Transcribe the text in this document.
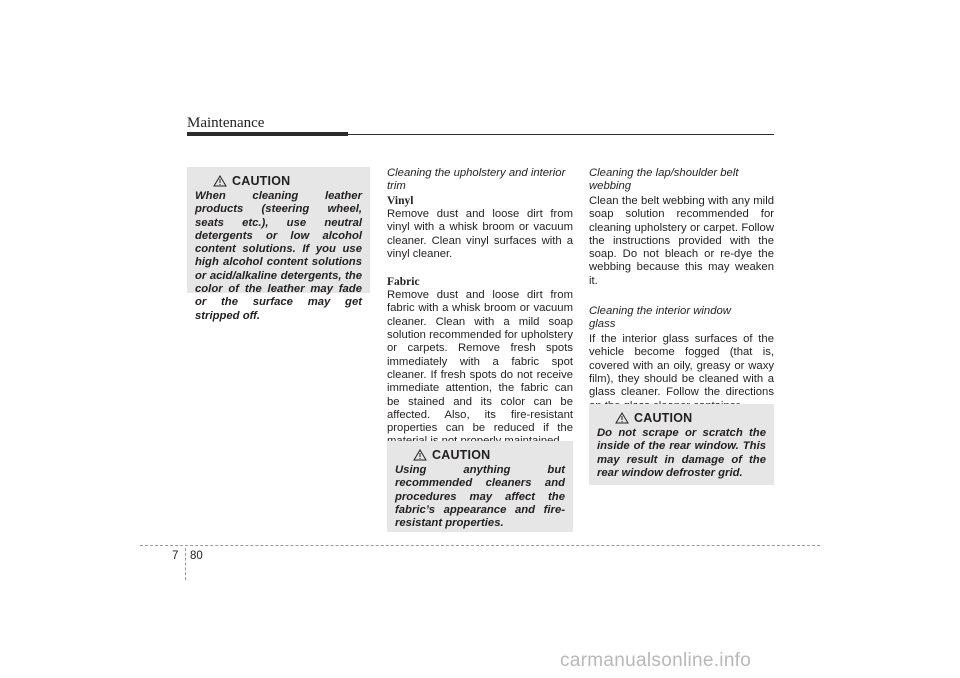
Maintenance
CAUTION
When cleaning leather products (steering wheel, seats etc.), use neutral detergents or low alcohol content solutions. If you use high alcohol content solutions or acid/alkaline detergents, the color of the leather may fade or the surface may get stripped off.
Cleaning the upholstery and interior trim
Vinyl
Remove dust and loose dirt from vinyl with a whisk broom or vacuum cleaner. Clean vinyl surfaces with a vinyl cleaner.
Fabric
Remove dust and loose dirt from fabric with a whisk broom or vacuum cleaner. Clean with a mild soap solution recommended for upholstery or carpets. Remove fresh spots immediately with a fabric spot cleaner. If fresh spots do not receive immediate attention, the fabric can be stained and its color can be affected. Also, its fire-resistant properties can be reduced if the
CAUTION
Using anything but recommended cleaners and procedures may affect the fabric’s appearance and fire-resistant properties.
Cleaning the lap/shoulder belt webbing
Clean the belt webbing with any mild soap solution recommended for cleaning upholstery or carpet. Follow the instructions provided with the soap. Do not bleach or re-dye the webbing because this may weaken it.
Cleaning the interior window glass
If the interior glass surfaces of the vehicle become fogged (that is, covered with an oily, greasy or waxy film), they should be cleaned with a glass cleaner. Follow the directions
CAUTION
Do not scrape or scratch the inside of the rear window. This may result in damage of the rear window defroster grid.
7 80
carmanualsonline.info
